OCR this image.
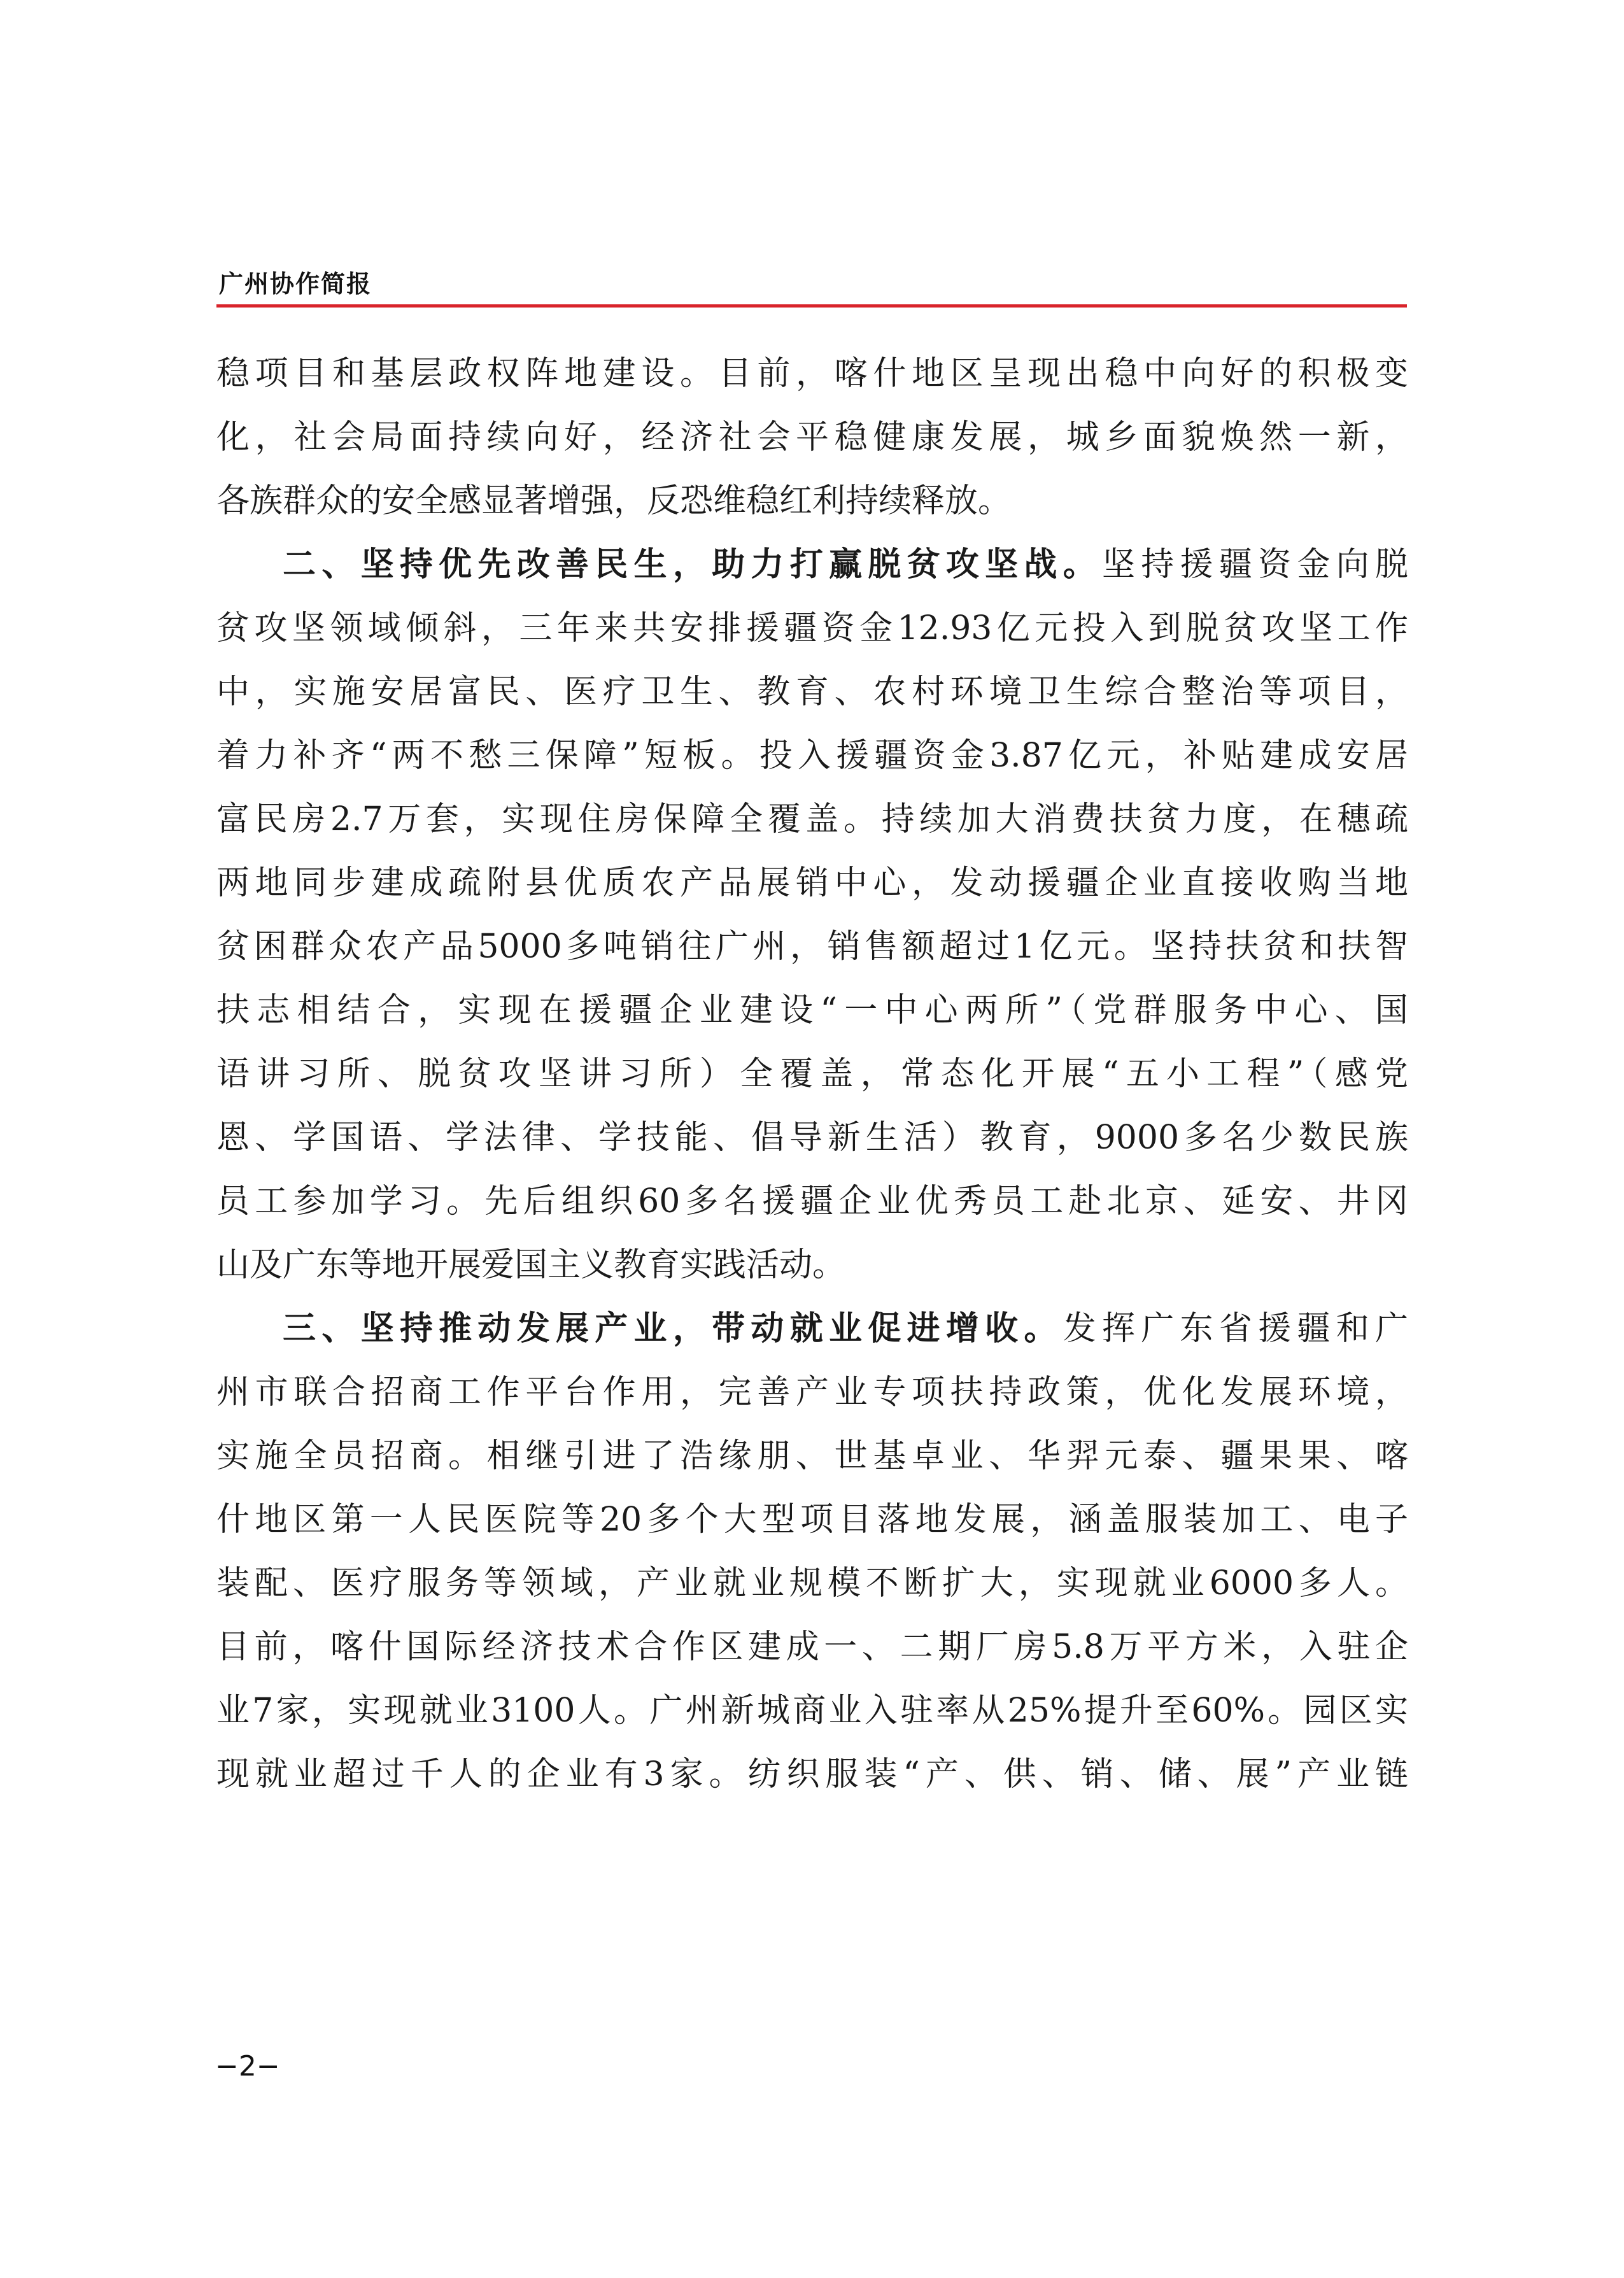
广州协作简报
稳项目和基层政权阵地建设。目前，喀什地区呈现出稳中向好的积极变
化，社会局面持续向好，经济社会平稳健康发展，城乡面貌焕然一新，
各族群众的安全感显著增强，反恐维稳红利持续释放。
二、坚持优先改善民生，助力打赢脱贫攻坚战。坚持援疆资金向脱
贫攻坚领域倾斜，三年来共安排援疆资金12.93亿元投入到脱贫攻坚工作
中，实施安居富民、医疗卫生、教育、农村环境卫生综合整治等项目，
着力补齐“两不愁三保障”短板。投入援疆资金3.87亿元，补贴建成安居
富民房2.7万套，实现住房保障全覆盖。持续加大消费扶贫力度，在穗疏
两地同步建成疏附县优质农产品展销中心，发动援疆企业直接收购当地
贫困群众农产品5000多吨销往广州，销售额超过1亿元。坚持扶贫和扶智
扶志相结合，实现在援疆企业建设“一中心两所”（党群服务中心、国
语讲习所、脱贫攻坚讲习所）全覆盖，常态化开展“五小工程”（感党
恩、学国语、学法律、学技能、倡导新生活）教育，9000多名少数民族
员工参加学习。先后组织60多名援疆企业优秀员工赴北京、延安、井冈
山及广东等地开展爱国主义教育实践活动。
三、坚持推动发展产业，带动就业促进增收。发挥广东省援疆和广
州市联合招商工作平台作用，完善产业专项扶持政策，优化发展环境，
实施全员招商。相继引进了浩缘朋、世基卓业、华羿元泰、疆果果、喀
什地区第一人民医院等20多个大型项目落地发展，涵盖服装加工、电子
装配、医疗服务等领域，产业就业规模不断扩大，实现就业6000多人。
目前，喀什国际经济技术合作区建成一、二期厂房5.8万平方米，入驻企
业7家，实现就业3100人。广州新城商业入驻率从25%提升至60%。园区实
现就业超过千人的企业有3家。纺织服装“产、供、销、储、展”产业链
−2−
